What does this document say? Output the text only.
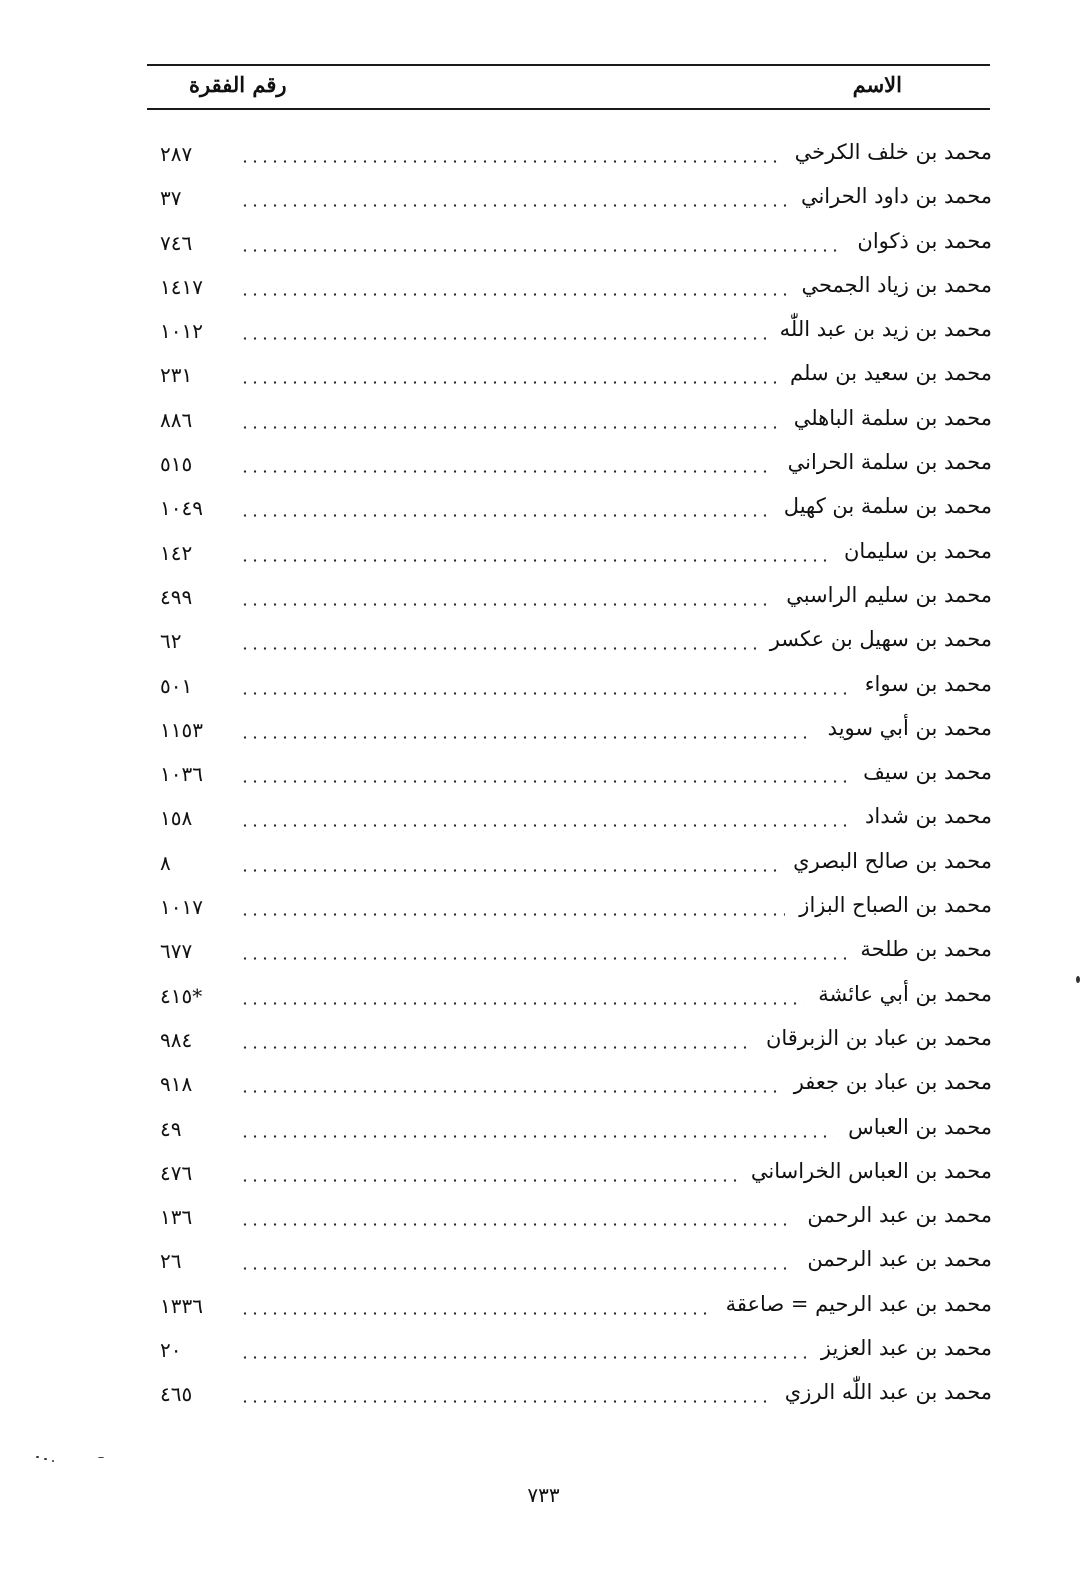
الاسم
رقم الفقرة
محمد بن خلف الكرخي
٢٨٧
محمد بن داود الحراني
٣٧
محمد بن ذكوان
٧٤٦
محمد بن زياد الجمحي
١٤١٧
محمد بن زيد بن عبد اللّٰه
١٠١٢
محمد بن سعيد بن سلم
٢٣١
محمد بن سلمة الباهلي
٨٨٦
محمد بن سلمة الحراني
٥١٥
محمد بن سلمة بن كهيل
١٠٤٩
محمد بن سليمان
١٤٢
محمد بن سليم الراسبي
٤٩٩
محمد بن سهيل بن عكسر
٦٢
محمد بن سواء
٥٠١
محمد بن أبي سويد
١١٥٣
محمد بن سيف
١٠٣٦
محمد بن شداد
١٥٨
محمد بن صالح البصري
٨
محمد بن الصباح البزاز
١٠١٧
محمد بن طلحة
٦٧٧
محمد بن أبي عائشة
٤١٥*
محمد بن عباد بن الزبرقان
٩٨٤
محمد بن عباد بن جعفر
٩١٨
محمد بن العباس
٤٩
محمد بن العباس الخراساني
٤٧٦
محمد بن عبد الرحمن
١٣٦
محمد بن عبد الرحمن
٢٦
محمد بن عبد الرحيم = صاعقة
١٣٣٦
محمد بن عبد العزيز
٢٠
محمد بن عبد اللّٰه الرزي
٤٦٥
٧٣٣
